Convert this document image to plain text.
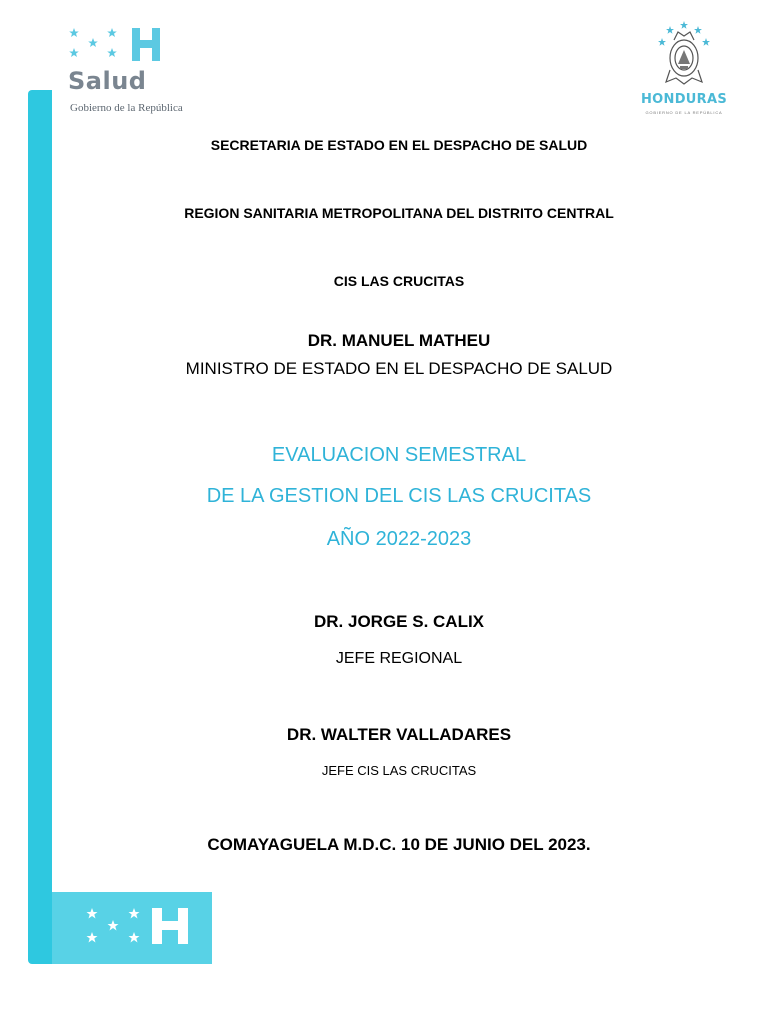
Salud
Gobierno de la República
HONDURAS
GOBIERNO DE LA REPÚBLICA
SECRETARIA DE ESTADO EN EL DESPACHO DE SALUD
REGION SANITARIA METROPOLITANA DEL DISTRITO CENTRAL
CIS LAS CRUCITAS
DR. MANUEL MATHEU
MINISTRO DE ESTADO EN EL DESPACHO DE SALUD
EVALUACION SEMESTRAL
DE LA GESTION DEL CIS LAS CRUCITAS
AÑO 2022-2023
DR. JORGE S. CALIX
JEFE REGIONAL
DR. WALTER VALLADARES
JEFE CIS LAS CRUCITAS
COMAYAGUELA M.D.C. 10 DE JUNIO DEL 2023.
